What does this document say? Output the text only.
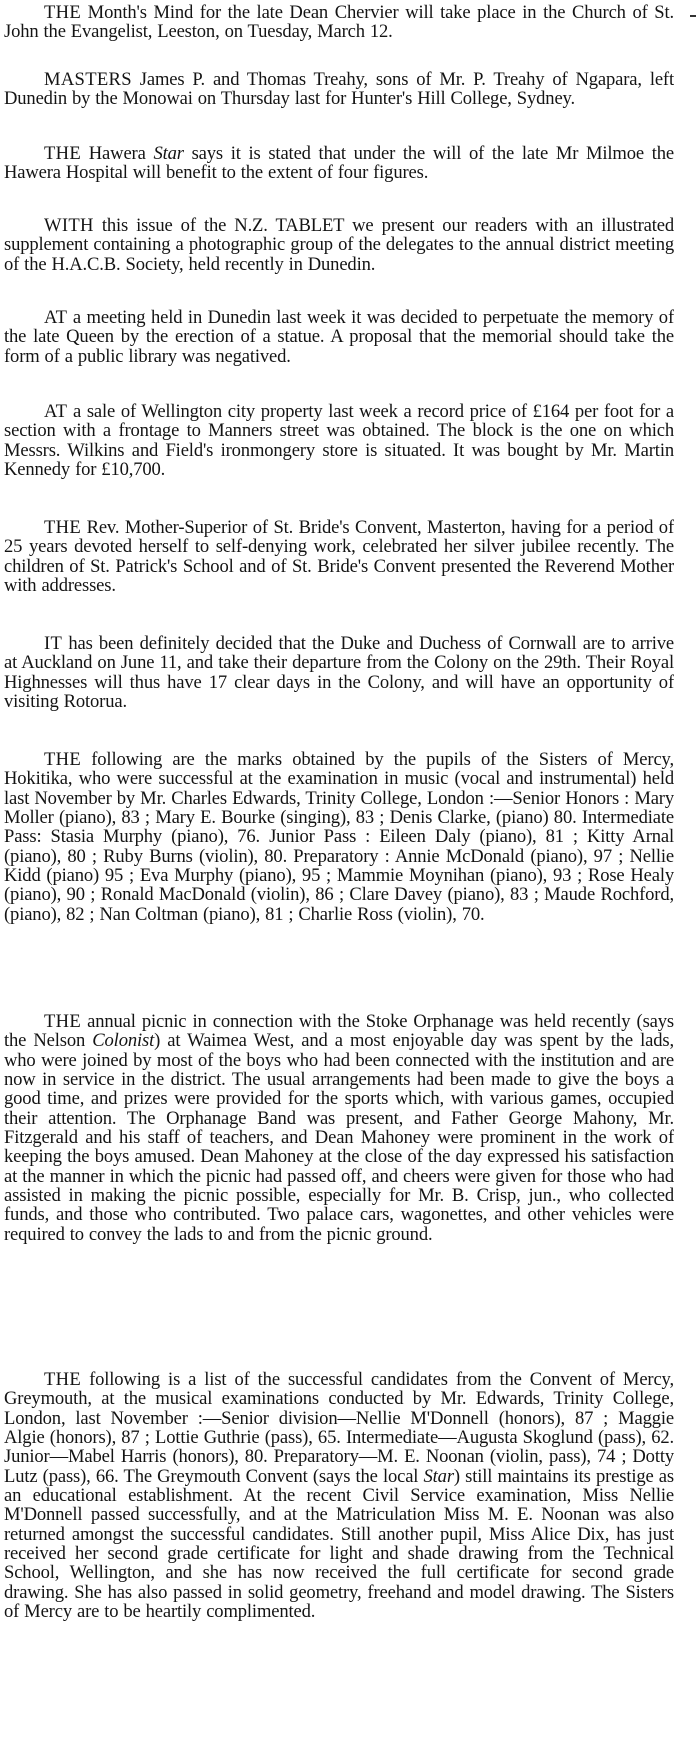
THE Month's Mind for the late Dean Chervier will take place in the Church of St. John the Evangelist, Leeston, on Tuesday, March 12.

MASTERS James P. and Thomas Treahy, sons of Mr. P. Treahy of Ngapara, left Dunedin by the Monowai on Thursday last for Hunter's Hill College, Sydney.

THE Hawera Star says it is stated that under the will of the late Mr Milmoe the Hawera Hospital will benefit to the extent of four figures.

WITH this issue of the N.Z. TABLET we present our readers with an illustrated supplement containing a photographic group of the delegates to the annual district meeting of the H.A.C.B. Society, held recently in Dunedin.

AT a meeting held in Dunedin last week it was decided to perpetuate the memory of the late Queen by the erection of a statue. A proposal that the memorial should take the form of a public library was negatived.

AT a sale of Wellington city property last week a record price of £164 per foot for a section with a frontage to Manners street was obtained. The block is the one on which Messrs. Wilkins and Field's ironmongery store is situated. It was bought by Mr. Martin Kennedy for £10,700.

THE Rev. Mother-Superior of St. Bride's Convent, Masterton, having for a period of 25 years devoted herself to self-denying work, celebrated her silver jubilee recently. The children of St. Patrick's School and of St. Bride's Convent presented the Reverend Mother with addresses.

IT has been definitely decided that the Duke and Duchess of Cornwall are to arrive at Auckland on June 11, and take their departure from the Colony on the 29th. Their Royal Highnesses will thus have 17 clear days in the Colony, and will have an opportunity of visiting Rotorua.

THE following are the marks obtained by the pupils of the Sisters of Mercy, Hokitika, who were successful at the examination in music (vocal and instrumental) held last November by Mr. Charles Edwards, Trinity College, London :—Senior Honors : Mary Moller (piano), 83 ; Mary E. Bourke (singing), 83 ; Denis Clarke, (piano) 80. Intermediate Pass: Stasia Murphy (piano), 76. Junior Pass : Eileen Daly (piano), 81 ; Kitty Arnal (piano), 80 ; Ruby Burns (violin), 80. Preparatory : Annie McDonald (piano), 97 ; Nellie Kidd (piano) 95 ; Eva Murphy (piano), 95 ; Mammie Moynihan (piano), 93 ; Rose Healy (piano), 90 ; Ronald MacDonald (violin), 86 ; Clare Davey (piano), 83 ; Maude Rochford, (piano), 82 ; Nan Coltman (piano), 81 ; Charlie Ross (violin), 70.

THE annual picnic in connection with the Stoke Orphanage was held recently (says the Nelson Colonist) at Waimea West, and a most enjoyable day was spent by the lads, who were joined by most of the boys who had been connected with the institution and are now in service in the district. The usual arrangements had been made to give the boys a good time, and prizes were provided for the sports which, with various games, occupied their attention. The Orphanage Band was present, and Father George Mahony, Mr. Fitzgerald and his staff of teachers, and Dean Mahoney were prominent in the work of keeping the boys amused. Dean Mahoney at the close of the day expressed his satisfaction at the manner in which the picnic had passed off, and cheers were given for those who had assisted in making the picnic possible, especially for Mr. B. Crisp, jun., who collected funds, and those who contributed. Two palace cars, wagonettes, and other vehicles were required to convey the lads to and from the picnic ground.

THE following is a list of the successful candidates from the Convent of Mercy, Greymouth, at the musical examinations conducted by Mr. Edwards, Trinity College, London, last November :—Senior division—Nellie M'Donnell (honors), 87 ; Maggie Algie (honors), 87 ; Lottie Guthrie (pass), 65. Intermediate—Augusta Skoglund (pass), 62. Junior—Mabel Harris (honors), 80. Preparatory—M. E. Noonan (violin, pass), 74 ; Dotty Lutz (pass), 66. The Greymouth Convent (says the local Star) still maintains its prestige as an educational establishment. At the recent Civil Service examination, Miss Nellie M'Donnell passed successfully, and at the Matriculation Miss M. E. Noonan was also returned amongst the successful candidates. Still another pupil, Miss Alice Dix, has just received her second grade certificate for light and shade drawing from the Technical School, Wellington, and she has now received the full certificate for second grade drawing. She has also passed in solid geometry, freehand and model drawing. The Sisters of Mercy are to be heartily complimented.
